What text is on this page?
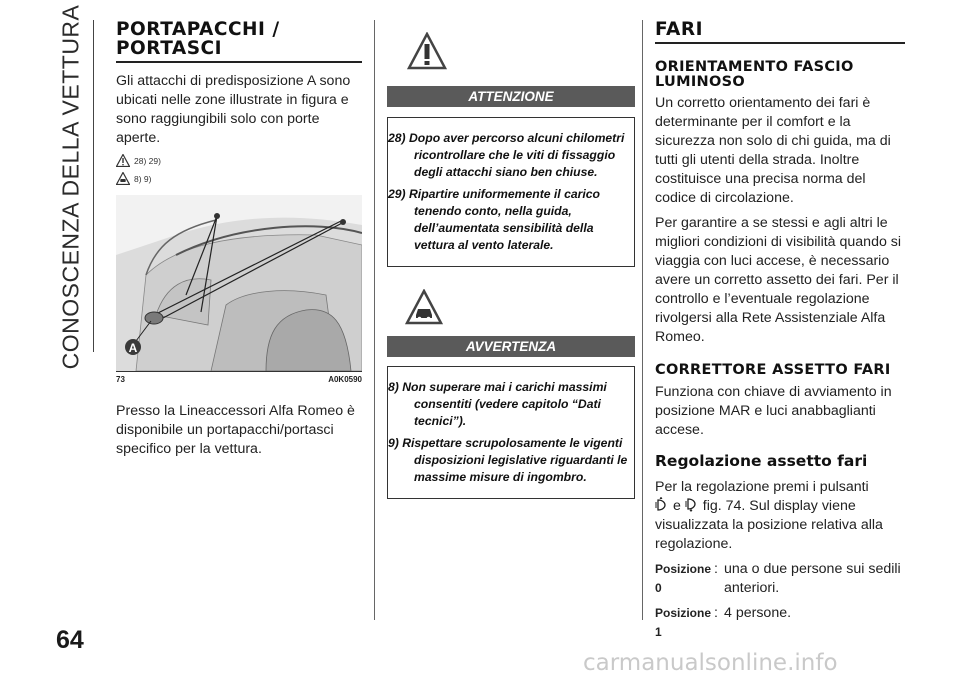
CONOSCENZA DELLA VETTURA PORTAPACCHI / PORTASCI

Gli attacchi di predisposizione A sono ubicati nelle zone illustrate in figura e sono raggiungibili solo con porte aperte.

28) 29)
8) 9)
A
73	A0K0590

Presso la Lineaccessori Alfa Romeo è disponibile un portapacchi/portasci specifico per la vettura.

ATTENZIONE

28) Dopo aver percorso alcuni chilometri ricontrollare che le viti di fissaggio degli attacchi siano ben chiuse.

29) Ripartire uniformemente il carico tenendo conto, nella guida, dell’aumentata sensibilità della vettura al vento laterale.

AVVERTENZA

8) Non superare mai i carichi massimi consentiti (vedere capitolo “Dati tecnici”).

9) Rispettare scrupolosamente le vigenti disposizioni legislative riguardanti le massime misure di ingombro.

FARI
ORIENTAMENTO FASCIO LUMINOSO

Un corretto orientamento dei fari è determinante per il comfort e la sicurezza non solo di chi guida, ma di tutti gli utenti della strada. Inoltre costituisce una precisa norma del codice di circolazione.

Per garantire a se stessi e agli altri le migliori condizioni di visibilità quando si viaggia con luci accese, è necessario avere un corretto assetto dei fari. Per il controllo e l’eventuale regolazione rivolgersi alla Rete Assistenziale Alfa Romeo.

CORRETTORE ASSETTO FARI

Funziona con chiave di avviamento in posizione MAR e luci anabbaglianti accese.

Regolazione assetto fari

Per la regolazione premi i pulsanti
e fig. 74. Sul display viene visualizzata la posizione relativa alla regolazione.

Posizione 0
: una o due persone sui sedili anteriori.
Posizione 1
: 4 persone.
64
carmanualsonline.info
